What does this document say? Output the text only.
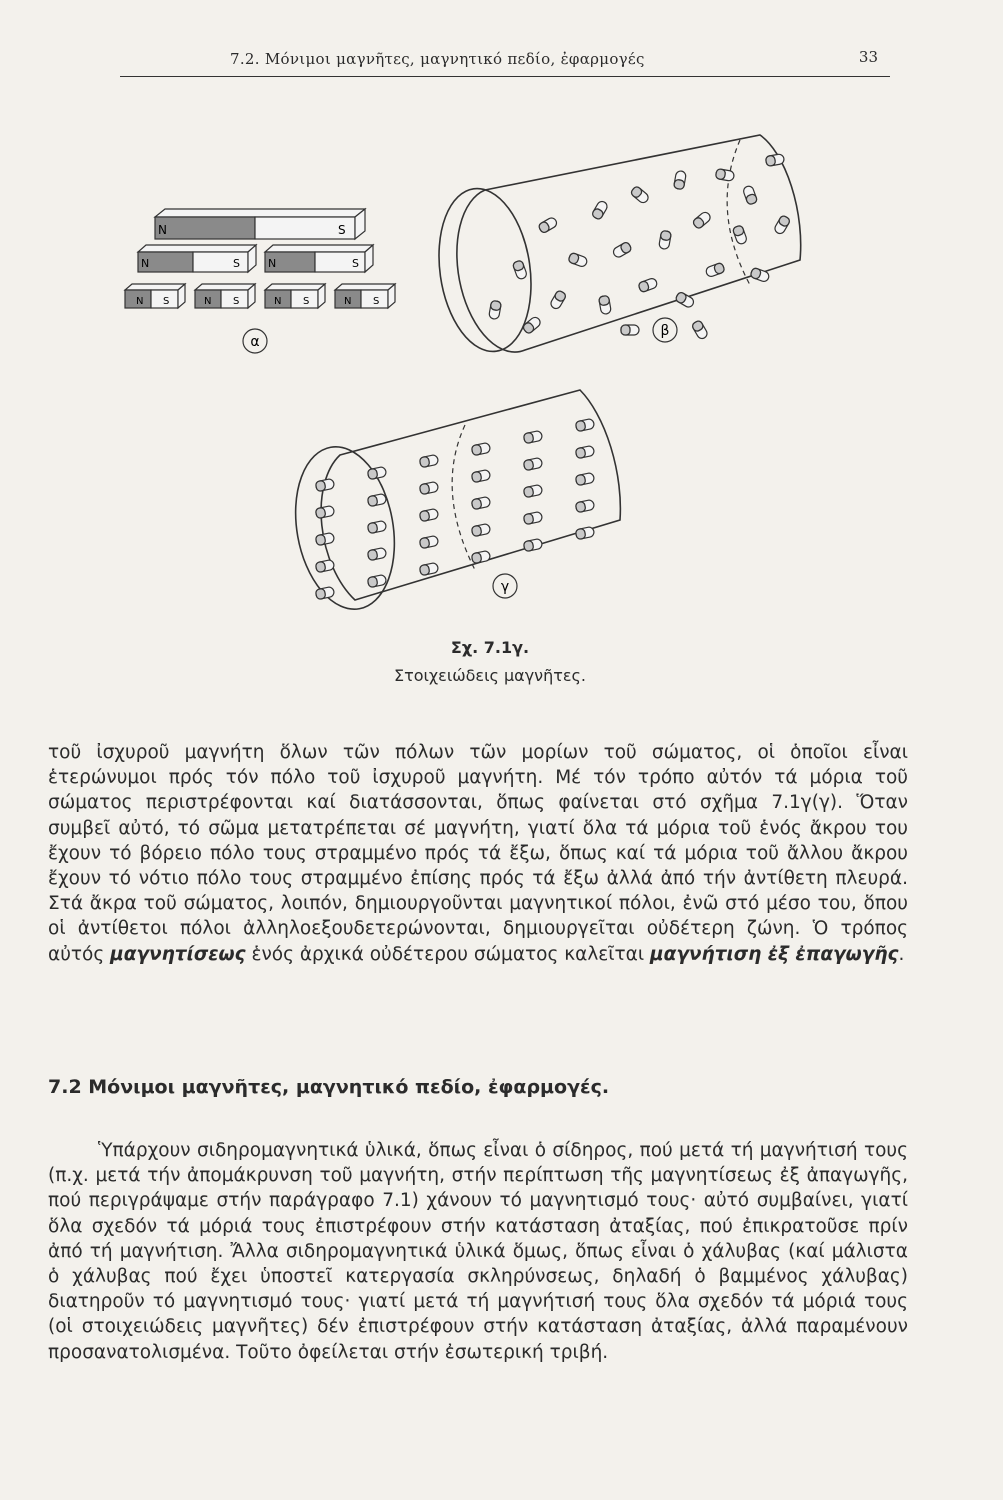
7.2. Μόνιμοι μαγνῆτες, μαγνητικό πεδίο, ἐφαρμογές	33
N	S
N	S	N	S
N S	N S	N S	N S
α
β
γ
Σχ. 7.1γ.
Στοιχειώδεις μαγνῆτες.

τοῦ ἰσχυροῦ μαγνήτη ὅλων τῶν πόλων τῶν μορίων τοῦ σώματος, οἱ ὁποῖοι εἶναι ἑτερώνυμοι πρός τόν πόλο τοῦ ἰσχυροῦ μαγνήτη. Μέ τόν τρόπο αὐτόν τά μόρια τοῦ σώματος περιστρέφονται καί διατάσσονται, ὅπως φαίνεται στό σχῆμα 7.1γ(γ). Ὅταν συμβεῖ αὐτό, τό σῶμα μετατρέπεται σέ μαγνήτη, γιατί ὅλα τά μόρια τοῦ ἑνός ἄκρου του ἔχουν τό βόρειο πόλο τους στραμμένο πρός τά ἔξω, ὅπως καί τά μόρια τοῦ ἄλλου ἄκρου ἔχουν τό νότιο πόλο τους στραμμένο ἐπίσης πρός τά ἔξω ἀλλά ἀπό τήν ἀντίθετη πλευρά. Στά ἄκρα τοῦ σώματος, λοιπόν, δημιουργοῦνται μαγνητικοί πόλοι, ἐνῶ στό μέσο του, ὅπου οἱ ἀντίθετοι πόλοι ἀλληλοεξουδετερώνονται, δημιουργεῖται οὐδέτερη ζώνη. Ὁ τρόπος αὐτός μαγνητίσεως ἑνός ἀρχικά οὐδέτερου σώματος καλεῖται μαγνήτιση ἐξ ἐπαγωγῆς.

7.2 Μόνιμοι μαγνῆτες, μαγνητικό πεδίο, ἐφαρμογές.

Ὑπάρχουν σιδηρομαγνητικά ὑλικά, ὅπως εἶναι ὁ σίδηρος, πού μετά τή μαγνήτισή τους (π.χ. μετά τήν ἀπομάκρυνση τοῦ μαγνήτη, στήν περίπτωση τῆς μαγνητίσεως ἐξ ἀπαγωγῆς, πού περιγράψαμε στήν παράγραφο 7.1) χάνουν τό μαγνητισμό τους· αὐτό συμβαίνει, γιατί ὅλα σχεδόν τά μόριά τους ἐπιστρέφουν στήν κατάσταση ἀταξίας, πού ἐπικρατοῦσε πρίν ἀπό τή μαγνήτιση. Ἄλλα σιδηρομαγνητικά ὑλικά ὅμως, ὅπως εἶναι ὁ χάλυβας (καί μάλιστα ὁ χάλυβας πού ἔχει ὑποστεῖ κατεργασία σκληρύνσεως, δηλαδή ὁ βαμμένος χάλυβας) διατηροῦν τό μαγνητισμό τους· γιατί μετά τή μαγνήτισή τους ὅλα σχεδόν τά μόριά τους (οἱ στοιχειώδεις μαγνῆτες) δέν ἐπιστρέφουν στήν κατάσταση ἀταξίας, ἀλλά παραμένουν προσανατολισμένα. Τοῦτο ὀφείλεται στήν ἐσωτερική τριβή.
